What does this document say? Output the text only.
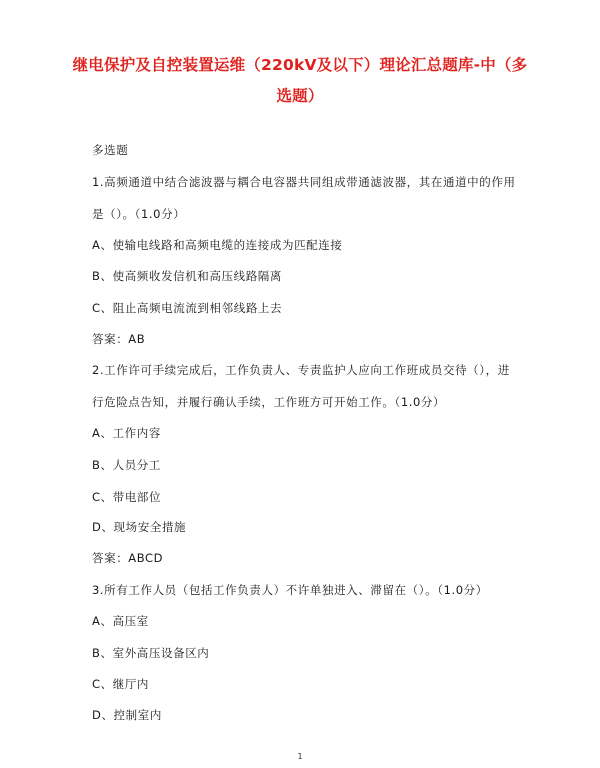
继电保护及自控装置运维（220kV及以下）理论汇总题库-中（多选题）
多选题
1.高频通道中结合滤波器与耦合电容器共同组成带通滤波器，其在通道中的作用
是（）。（1.0分）
A、使输电线路和高频电缆的连接成为匹配连接
B、使高频收发信机和高压线路隔离
C、阻止高频电流流到相邻线路上去
答案：AB
2.工作许可手续完成后，工作负责人、专责监护人应向工作班成员交待（），进
行危险点告知，并履行确认手续，工作班方可开始工作。（1.0分）
A、工作内容
B、人员分工
C、带电部位
D、现场安全措施
答案：ABCD
3.所有工作人员（包括工作负责人）不许单独进入、滞留在（）。（1.0分）
A、高压室
B、室外高压设备区内
C、继厅内
D、控制室内
1
